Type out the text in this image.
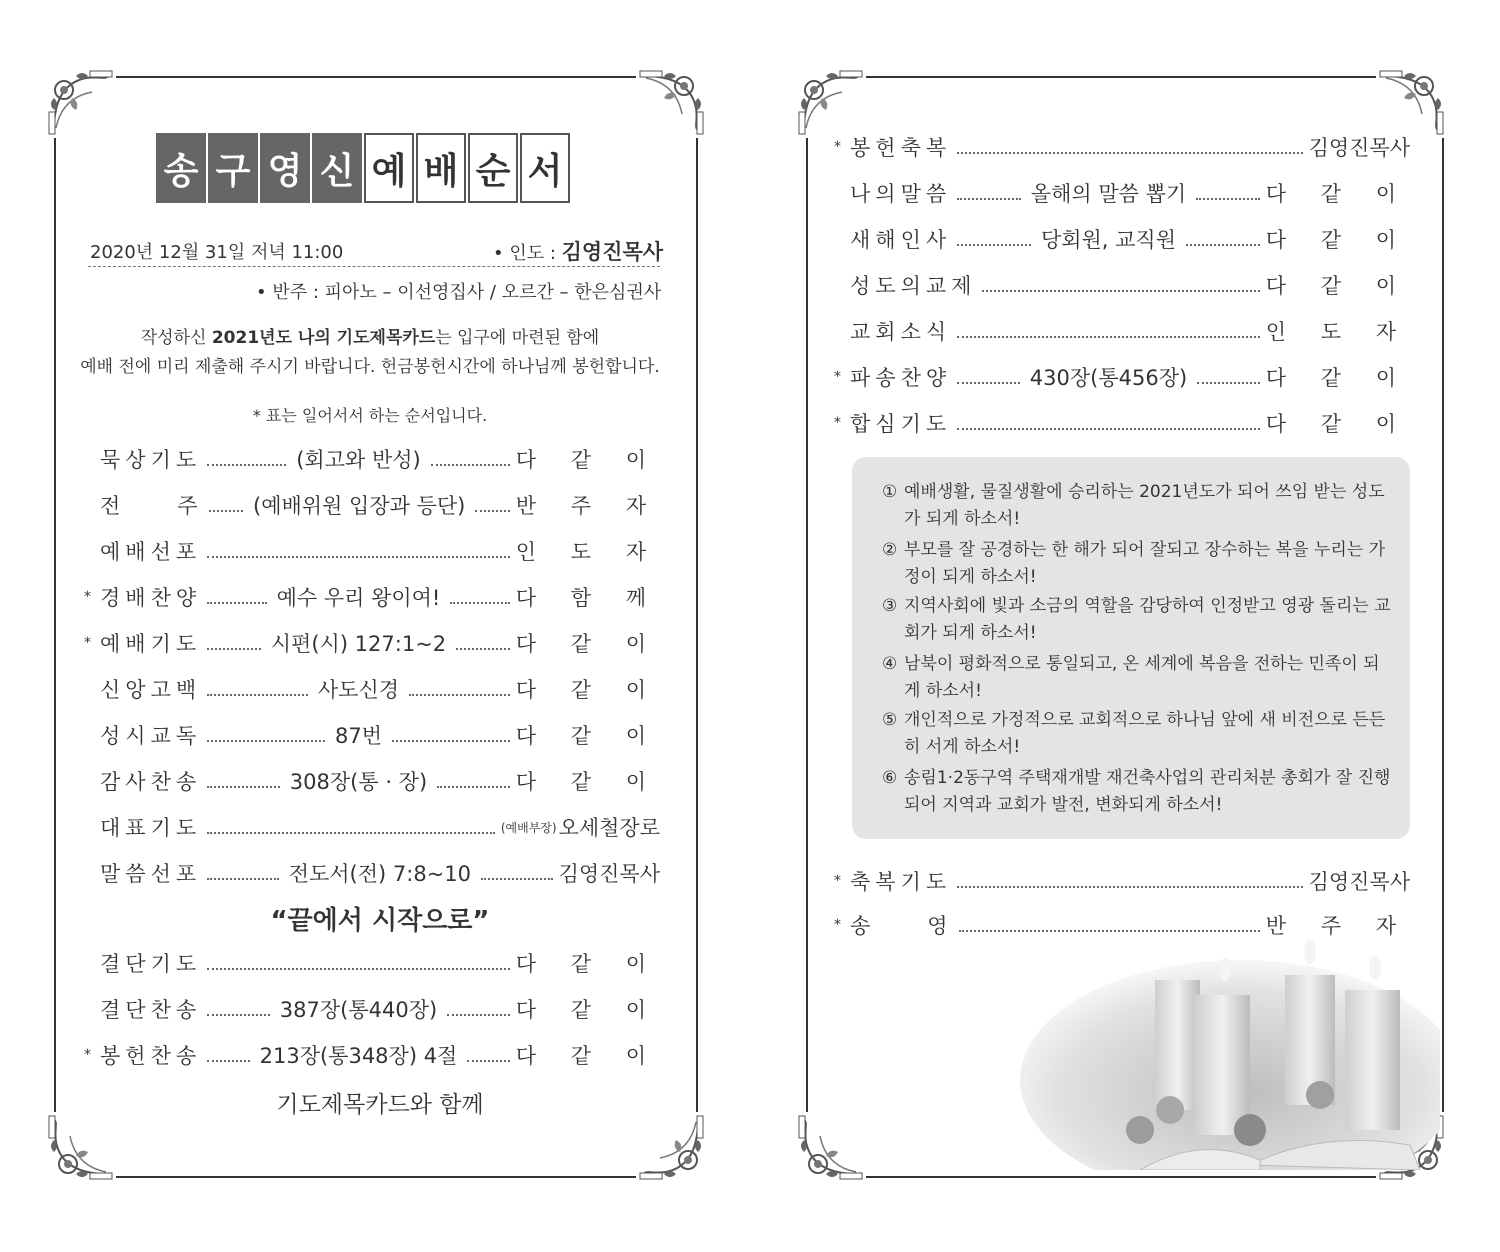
송 구 영 신 예 배 순 서
2020년 12월 31일 저녁 11:00	• 인도 : 김영진목사
• 반주 : 피아노 – 이선영집사 / 오르간 – 한은심권사
작성하신 2021년도 나의 기도제목카드는 입구에 마련된 함에
예배 전에 미리 제출해 주시기 바랍니다. 헌금봉헌시간에 하나님께 봉헌합니다.
* 표는 일어서서 하는 순서입니다.
묵상기도	(회고와 반성)	다 같 이
전　　주 (예배위원 입장과 등단) 반 주 자
예배선포	인 도 자
* 경배찬양	예수 우리 왕이여!	다 함 께
* 예배기도	시편(시) 127:1~2	다 같 이
신앙고백	사도신경	다 같 이
성시교독	87번	다 같 이
감사찬송	308장(통 · 장)	다 같 이
대표기도	(예배부장) 오세철장로
말씀선포	전도서(전) 7:8~10	김영진목사
결단기도	다 같 이
결단찬송	387장(통440장)	다 같 이
* 봉헌찬송	213장(통348장) 4절	다 같 이
“끝에서 시작으로”
기도제목카드와 함께
* 봉헌축복	김영진목사
나의말씀	올해의 말씀 뽑기	다 같 이
새해인사	당회원, 교직원	다 같 이
성도의교제	다 같 이
교회소식	인 도 자
* 파송찬양	430장(통456장)	다 같 이
* 합심기도	다 같 이
① 예배생활, 물질생활에 승리하는 2021년도가 되어 쓰임 받는 성도가 되게 하소서!
② 부모를 잘 공경하는 한 해가 되어 잘되고 장수하는 복을 누리는 가정이 되게 하소서!
③ 지역사회에 빛과 소금의 역할을 감당하여 인정받고 영광 돌리는 교회가 되게 하소서!
④ 남북이 평화적으로 통일되고, 온 세계에 복음을 전하는 민족이 되게 하소서!
⑤ 개인적으로 가정적으로 교회적으로 하나님 앞에 새 비전으로 든든히 서게 하소서!
⑥ 송림1·2동구역 주택재개발 재건축사업의 관리처분 총회가 잘 진행되어 지역과 교회가 발전, 변화되게 하소서!
* 축복기도	김영진목사
* 송　　영	반 주 자
